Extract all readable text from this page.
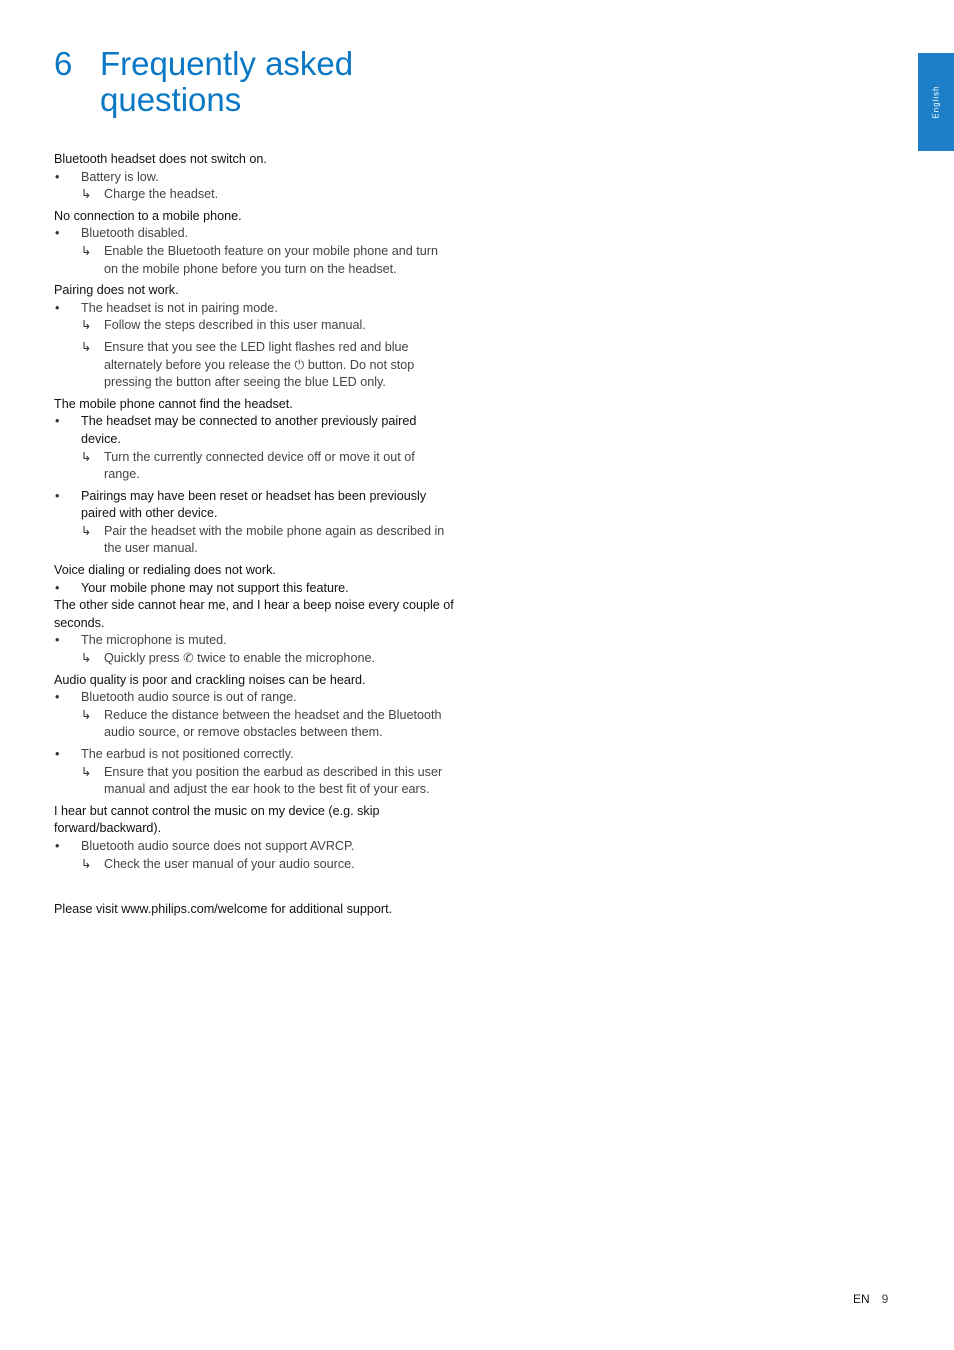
6 Frequently asked
questions	English
Bluetooth headset does not switch on.
• Battery is low.
↳ Charge the headset.
No connection to a mobile phone.
• Bluetooth disabled.
↳ Enable the Bluetooth feature on your mobile phone and turn on the mobile phone before you turn on the headset.
Pairing does not work.
• The headset is not in pairing mode.
↳ Follow the steps described in this user manual.
↳ Ensure that you see the LED light flashes red and blue alternately before you release the ⏻ button. Do not stop pressing the button after seeing the blue LED only.
The mobile phone cannot find the headset.
• The headset may be connected to another previously paired device.
↳ Turn the currently connected device off or move it out of range.
• Pairings may have been reset or headset has been previously paired with other device.
↳ Pair the headset with the mobile phone again as described in the user manual.
Voice dialing or redialing does not work.
• Your mobile phone may not support this feature.
The other side cannot hear me, and I hear a beep noise every couple of seconds.
• The microphone is muted.
↳ Quickly press ✆ twice to enable the microphone.
Audio quality is poor and crackling noises can be heard.
• Bluetooth audio source is out of range.
↳ Reduce the distance between the headset and the Bluetooth audio source, or remove obstacles between them.
• The earbud is not positioned correctly.
↳ Ensure that you position the earbud as described in this user manual and adjust the ear hook to the best fit of your ears.
I hear but cannot control the music on my device (e.g. skip forward/backward).
• Bluetooth audio source does not support AVRCP.
↳ Check the user manual of your audio source.
Please visit www.philips.com/welcome for additional support.
EN 9
